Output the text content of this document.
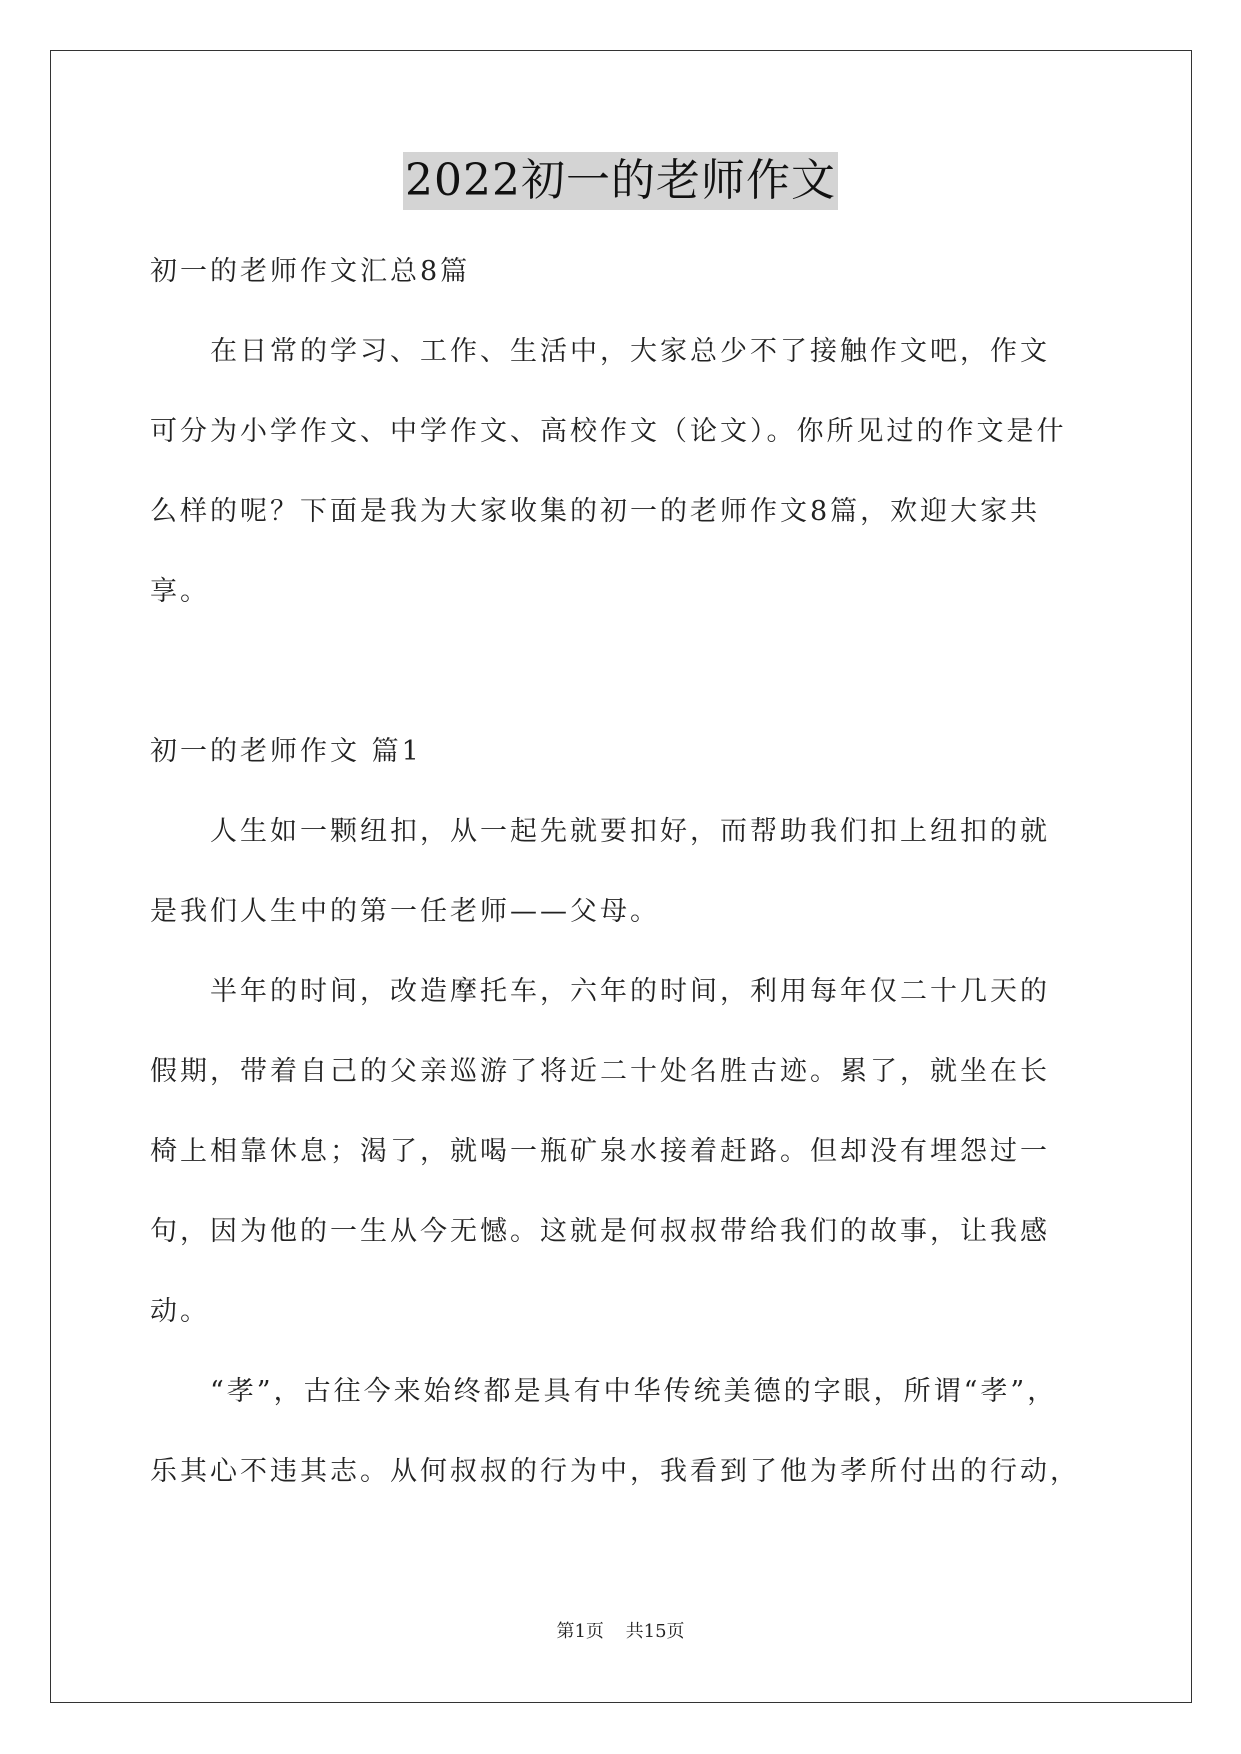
2022初一的老师作文
初一的老师作文汇总8篇
　　在日常的学习、工作、生活中，大家总少不了接触作文吧，作文
可分为小学作文、中学作文、高校作文（论文）。你所见过的作文是什
么样的呢？下面是我为大家收集的初一的老师作文8篇，欢迎大家共
享。
初一的老师作文 篇1
　　人生如一颗纽扣，从一起先就要扣好，而帮助我们扣上纽扣的就
是我们人生中的第一任老师——父母。
　　半年的时间，改造摩托车，六年的时间，利用每年仅二十几天的
假期，带着自己的父亲巡游了将近二十处名胜古迹。累了，就坐在长
椅上相靠休息；渴了，就喝一瓶矿泉水接着赶路。但却没有埋怨过一
句，因为他的一生从今无憾。这就是何叔叔带给我们的故事，让我感
动。
　　“孝”，古往今来始终都是具有中华传统美德的字眼，所谓“孝”，
乐其心不违其志。从何叔叔的行为中，我看到了他为孝所付出的行动，
第1页 共15页
